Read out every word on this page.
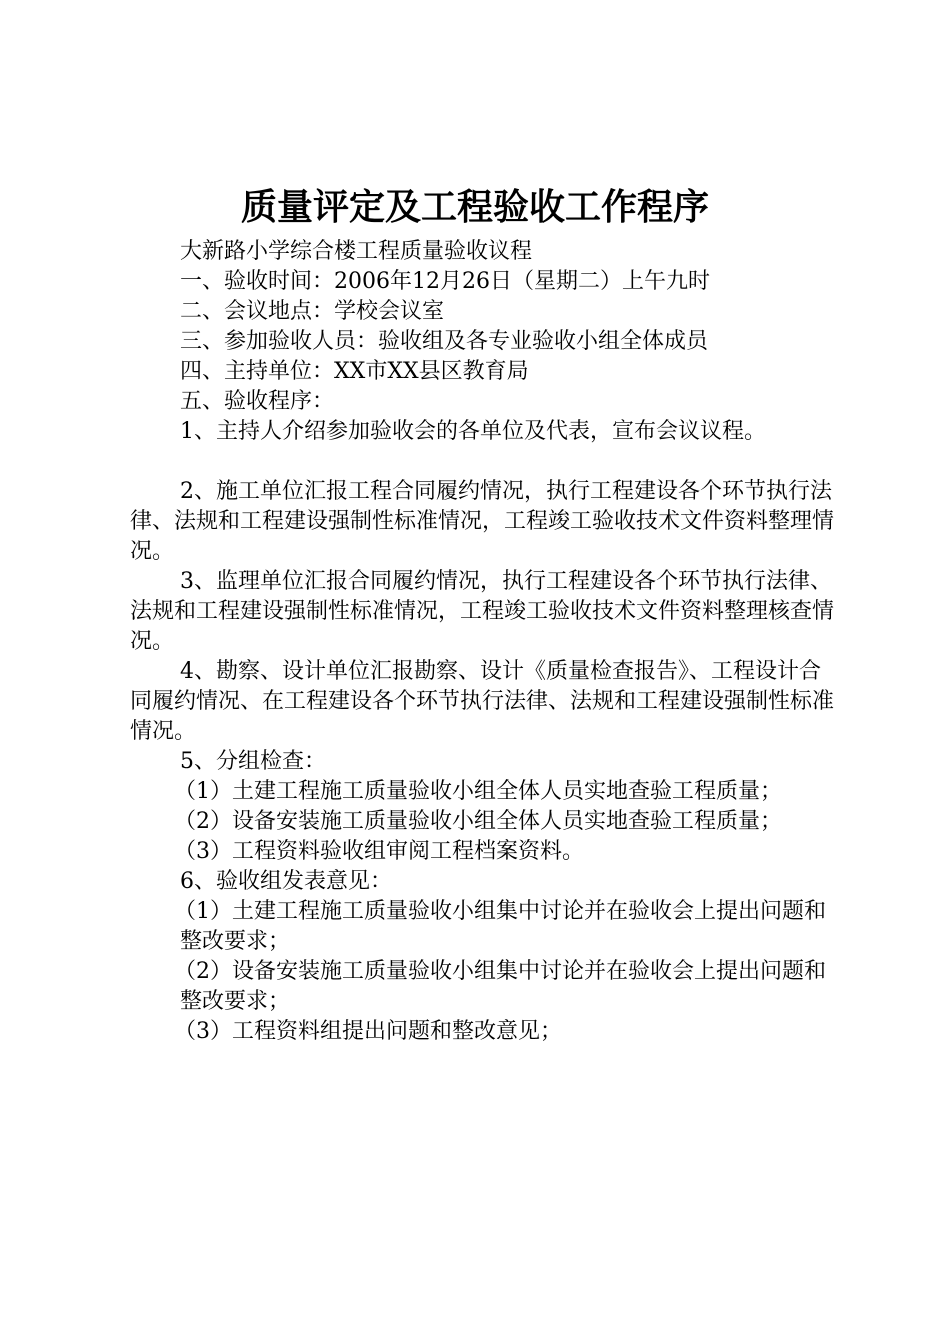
质量评定及工程验收工作程序

大新路小学综合楼工程质量验收议程

一、验收时间：2006年12月26日（星期二）上午九时

二、会议地点：学校会议室

三、参加验收人员：验收组及各专业验收小组全体成员

四、主持单位：XX市XX县区教育局

五、验收程序：

1、主持人介绍参加验收会的各单位及代表，宣布会议议程。

2、施工单位汇报工程合同履约情况，执行工程建设各个环节执行法律、法规和工程建设强制性标准情况，工程竣工验收技术文件资料整理情况。

3、监理单位汇报合同履约情况，执行工程建设各个环节执行法律、法规和工程建设强制性标准情况，工程竣工验收技术文件资料整理核查情况。

4、勘察、设计单位汇报勘察、设计《质量检查报告》、工程设计合同履约情况、在工程建设各个环节执行法律、法规和工程建设强制性标准情况。

5、分组检查：

（1）土建工程施工质量验收小组全体人员实地查验工程质量；

（2）设备安装施工质量验收小组全体人员实地查验工程质量；

（3）工程资料验收组审阅工程档案资料。

6、验收组发表意见：

（1）土建工程施工质量验收小组集中讨论并在验收会上提出问题和

整改要求；

（2）设备安装施工质量验收小组集中讨论并在验收会上提出问题和

整改要求；

（3）工程资料组提出问题和整改意见；
